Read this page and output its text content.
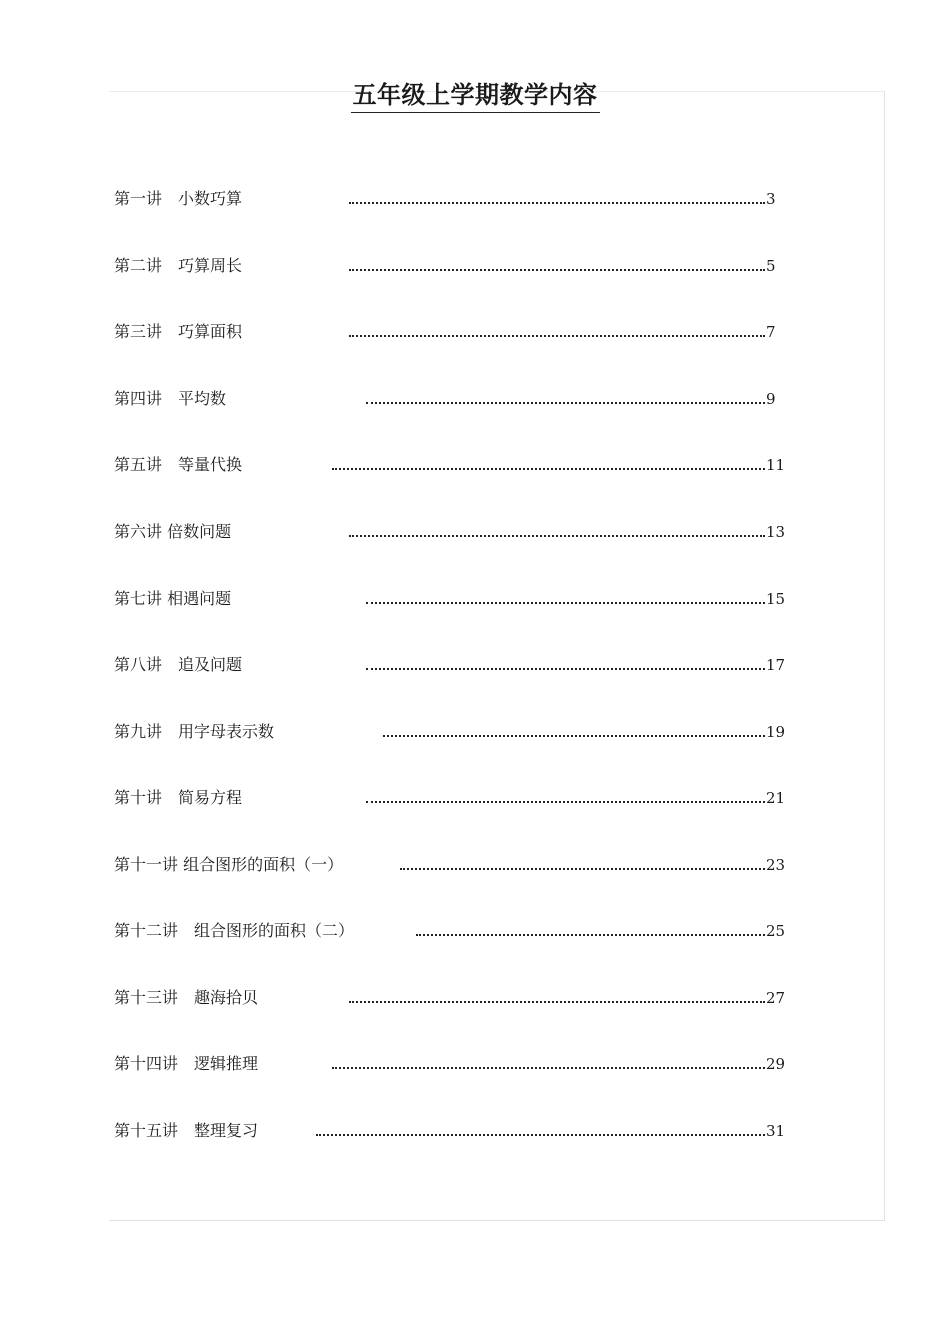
五年级上学期教学内容
第一讲　小数巧算	3
第二讲　巧算周长	5
第三讲　巧算面积	7
第四讲　平均数	9
第五讲　等量代换	11
第六讲 倍数问题	13
第七讲 相遇问题	15
第八讲　追及问题	17
第九讲　用字母表示数	19
第十讲　简易方程	21
第十一讲 组合图形的面积（一）	23
第十二讲　组合图形的面积（二）	25
第十三讲　趣海拾贝	27
第十四讲　逻辑推理	29
第十五讲　整理复习	31
